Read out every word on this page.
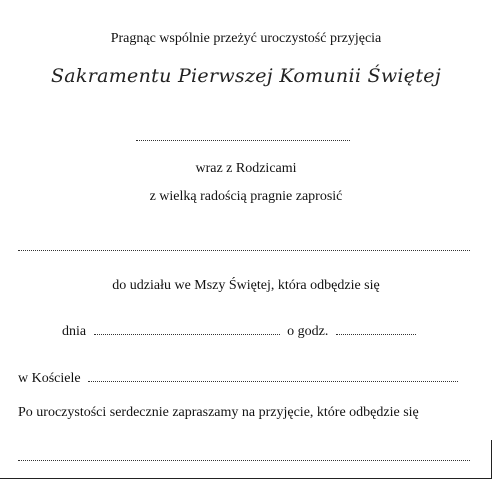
Pragnąc wspólnie przeżyć uroczystość przyjęcia
Sakramentu Pierwszej Komunii Świętej
wraz z Rodzicami
z wielką radością pragnie zaprosić
do udziału we Mszy Świętej, która odbędzie się
dnia	o godz.
w Kościele
Po uroczystości serdecznie zapraszamy na przyjęcie, które odbędzie się
